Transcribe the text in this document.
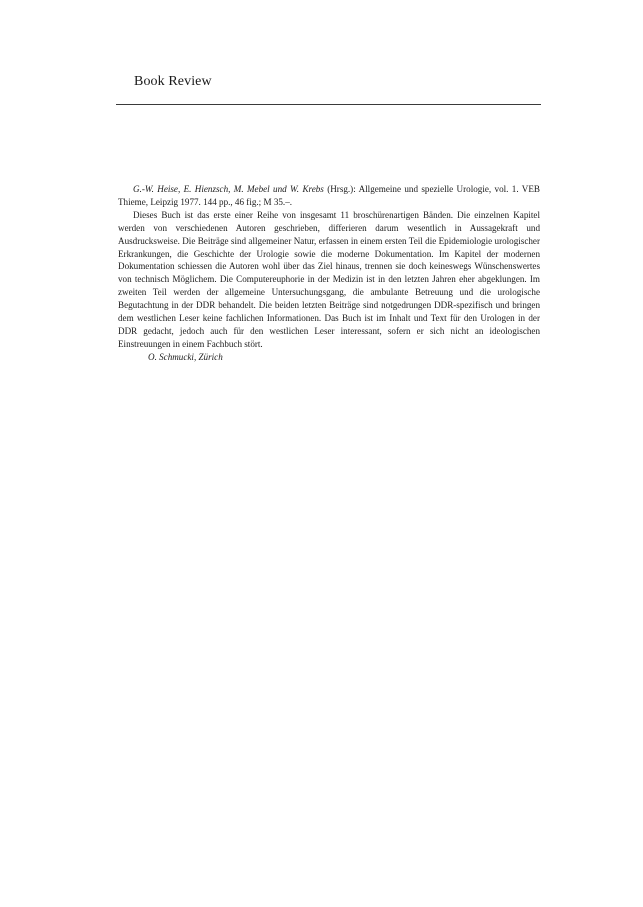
Book Review

G.-W. Heise, E. Hienzsch, M. Mebel und W. Krebs (Hrsg.): Allgemeine und spezielle Urologie, vol. 1. VEB Thieme, Leipzig 1977. 144 pp., 46 fig.; M 35.–.

Dieses Buch ist das erste einer Reihe von insgesamt 11 broschürenartigen Bänden. Die einzelnen Kapitel werden von verschiedenen Autoren geschrieben, differieren darum wesentlich in Aussagekraft und Ausdrucksweise. Die Beiträge sind allgemeiner Natur, erfassen in einem ersten Teil die Epidemiologie urologischer Erkrankungen, die Geschichte der Urologie sowie die moderne Dokumentation. Im Kapitel der modernen Dokumentation schiessen die Autoren wohl über das Ziel hinaus, trennen sie doch keineswegs Wünschenswertes von technisch Möglichem. Die Computereuphorie in der Medizin ist in den letzten Jahren eher abgeklungen. Im zweiten Teil werden der allgemeine Untersuchungsgang, die ambulante Betreuung und die urologische Begutachtung in der DDR behandelt. Die beiden letzten Beiträge sind notgedrungen DDR-spezifisch und bringen dem westlichen Leser keine fachlichen Informationen. Das Buch ist im Inhalt und Text für den Urologen in der DDR gedacht, jedoch auch für den westlichen Leser interessant, sofern er sich nicht an ideologischen Einstreuungen in einem Fachbuch stört.

O. Schmucki, Zürich
